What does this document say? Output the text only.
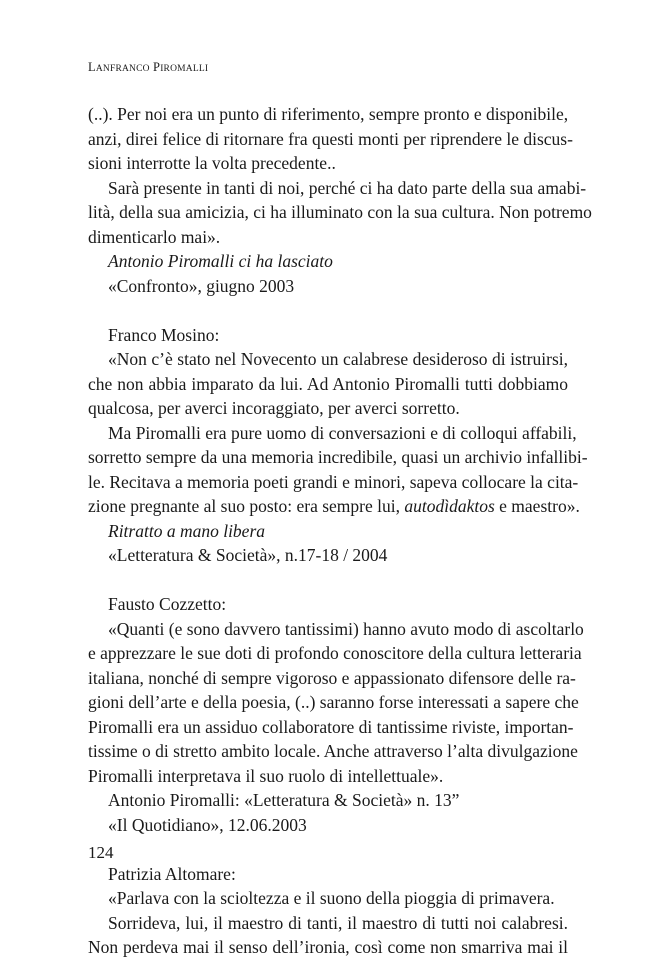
LANFRANCO PIROMALLI
(..). Per noi era un punto di riferimento, sempre pronto e disponibile,
anzi, direi felice di ritornare fra questi monti per riprendere le discus-
sioni interrotte la volta precedente..
Sarà presente in tanti di noi, perché ci ha dato parte della sua amabi-
lità, della sua amicizia, ci ha illuminato con la sua cultura. Non potremo
dimenticarlo mai».
Antonio Piromalli ci ha lasciato
«Confronto», giugno 2003
Franco Mosino:
«Non c’è stato nel Novecento un calabrese desideroso di istruirsi,
che non abbia imparato da lui. Ad Antonio Piromalli tutti dobbiamo
qualcosa, per averci incoraggiato, per averci sorretto.
Ma Piromalli era pure uomo di conversazioni e di colloqui affabili,
sorretto sempre da una memoria incredibile, quasi un archivio infallibi-
le. Recitava a memoria poeti grandi e minori, sapeva collocare la cita-
zione pregnante al suo posto: era sempre lui, autodìdaktos e maestro».
Ritratto a mano libera
«Letteratura & Società», n.17-18 / 2004
Fausto Cozzetto:
«Quanti (e sono davvero tantissimi) hanno avuto modo di ascoltarlo
e apprezzare le sue doti di profondo conoscitore della cultura letteraria
italiana, nonché di sempre vigoroso e appassionato difensore delle ra-
gioni dell’arte e della poesia, (..) saranno forse interessati a sapere che
Piromalli era un assiduo collaboratore di tantissime riviste, importan-
tissime o di stretto ambito locale. Anche attraverso l’alta divulgazione
Piromalli interpretava il suo ruolo di intellettuale».
Antonio Piromalli: «Letteratura & Società» n. 13”
«Il Quotidiano», 12.06.2003
Patrizia Altomare:
«Parlava con la scioltezza e il suono della pioggia di primavera.
Sorrideva, lui, il maestro di tanti, il maestro di tutti noi calabresi.
Non perdeva mai il senso dell’ironia, così come non smarriva mai il
124
